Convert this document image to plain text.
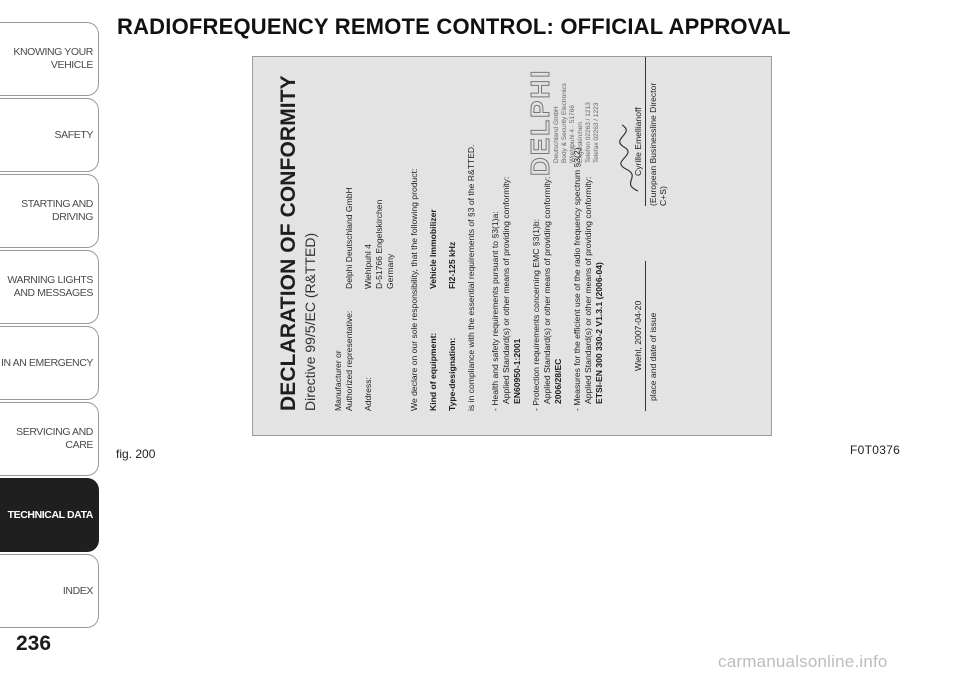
KNOWING YOUR
VEHICLE
SAFETY
STARTING AND
DRIVING
WARNING LIGHTS
AND MESSAGES
IN AN EMERGENCY
SERVICING AND
CARE
TECHNICAL DATA
INDEX
236
RADIOFREQUENCY REMOTE CONTROL: OFFICIAL APPROVAL

DECLARATION OF CONFORMITY Directive 99/5/EC (R&TTED) Manufacturer or Authorized representative:
Delphi Deutschland GmbH
Address:
Wiehlpuhl 4 D-51766 Engelskirchen Germany We declare on our sole responsibility, that the following product: Kind of equipment:
Vehicle Immobilizer
Type-designation:
FI2-125 kHz is in compliance with the essential requirements of §3 of the R&TTED. - Health and safety requirements pursuant to §3(1)a: Applied Standard(s) or other means of providing conformity: EN60950-1:2001 - Protection requirements concerning EMC §3(1)b: Applied Standard(s) or other means of providing conformity: 2006/28/EC - Measures for the efficient use of the radio frequency spectrum §3(2) Applied Standard(s) or other means of providing conformity: ETSI-EN 300 330-2 V1.3.1 (2006-04)
DELPHI
Deutschland GmbH Body & Security Electronics Wiehlpuhl 4 · 51766 Engelskirchen Telefon 02263 / 1213 Telefax 02263 / 1223
Wiehl, 2007-04-20 place and date of issue
Cyrille Emellianoff (European Businessline Director C+S)
fig. 200	F0T0376
carmanualsonline.info
